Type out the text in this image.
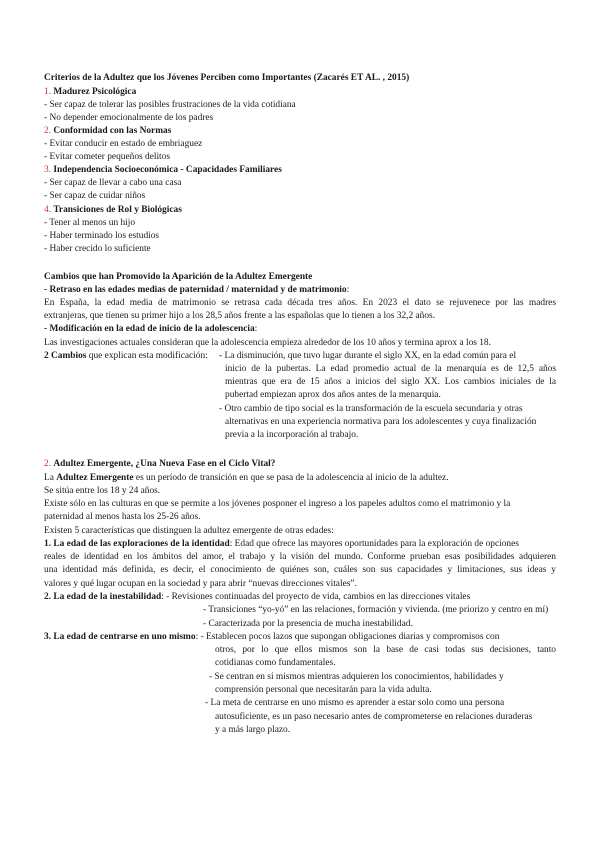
Criterios de la Adultez que los Jóvenes Perciben como Importantes (Zacarés ET AL. , 2015)
1. Madurez Psicológica
- Ser capaz de tolerar las posibles frustraciones de la vida cotidiana
- No depender emocionalmente de los padres
2. Conformidad con las Normas
- Evitar conducir en estado de embriaguez
- Evitar cometer pequeños delitos
3. Independencia Socioeconómica - Capacidades Familiares
- Ser capaz de llevar a cabo una casa
- Ser capaz de cuidar niños
4. Transiciones de Rol y Biológicas
- Tener al menos un hijo
- Haber terminado los estudios
- Haber crecido lo suficiente
Cambios que han Promovido la Aparición de la Adultez Emergente
- Retraso en las edades medias de paternidad / maternidad y de matrimonio:
En España, la edad media de matrimonio se retrasa cada década tres años. En 2023 el dato se rejuvenece por las madres
extranjeras, que tienen su primer hijo a los 28,5 años frente a las españolas que lo tienen a los 32,2 años.
- Modificación en la edad de inicio de la adolescencia:
Las investigaciones actuales consideran que la adolescencia empieza alrededor de los 10 años y termina aprox a los 18.
2 Cambios que explican esta modificación:	- La disminución, que tuvo lugar durante el siglo XX, en la edad común para el
inicio de la pubertas. La edad promedio actual de la menarquía es de 12,5 años
mientras que era de 15 años a inicios del siglo XX. Los cambios iniciales de la
pubertad empiezan aprox dos años antes de la menarquia.
- Otro cambio de tipo social es la transformación de la escuela secundaria y otras
alternativas en una experiencia normativa para los adolescentes y cuya finalización
previa a la incorporación al trabajo.
2. Adultez Emergente, ¿Una Nueva Fase en el Ciclo Vital?
La Adultez Emergente es un período de transición en que se pasa de la adolescencia al inicio de la adultez.
Se sitúa entre los 18 y 24 años.
Existe sólo en las culturas en que se permite a los jóvenes posponer el ingreso a los papeles adultos como el matrimonio y la
paternidad al menos hasta los 25-26 años.
Existen 5 características que distinguen la adultez emergente de otras edades:
1. La edad de las exploraciones de la identidad: Edad que ofrece las mayores oportunidades para la exploración de opciones
reales de identidad en los ámbitos del amor, el trabajo y la visión del mundo. Conforme prueban esas posibilidades adquieren
una identidad más definida, es decir, el conocimiento de quiénes son, cuáles son sus capacidades y limitaciones, sus ideas y
valores y qué lugar ocupan en la sociedad y para abrir “nuevas direcciones vitales”.
2. La edad de la inestabilidad: - Revisiones continuadas del proyecto de vida, cambios en las direcciones vitales
- Transiciones “yo-yó” en las relaciones, formación y vivienda. (me priorizo y centro en mí)
- Caracterizada por la presencia de mucha inestabilidad.
3. La edad de centrarse en uno mismo: - Establecen pocos lazos que supongan obligaciones diarias y compromisos con
otros, por lo que ellos mismos son la base de casi todas sus decisiones, tanto
cotidianas como fundamentales.
- Se centran en sí mismos mientras adquieren los conocimientos, habilidades y
comprensión personal que necesitarán para la vida adulta.
- La meta de centrarse en uno mismo es aprender a estar solo como una persona
autosuficiente, es un paso necesario antes de comprometerse en relaciones duraderas
y a más largo plazo.
